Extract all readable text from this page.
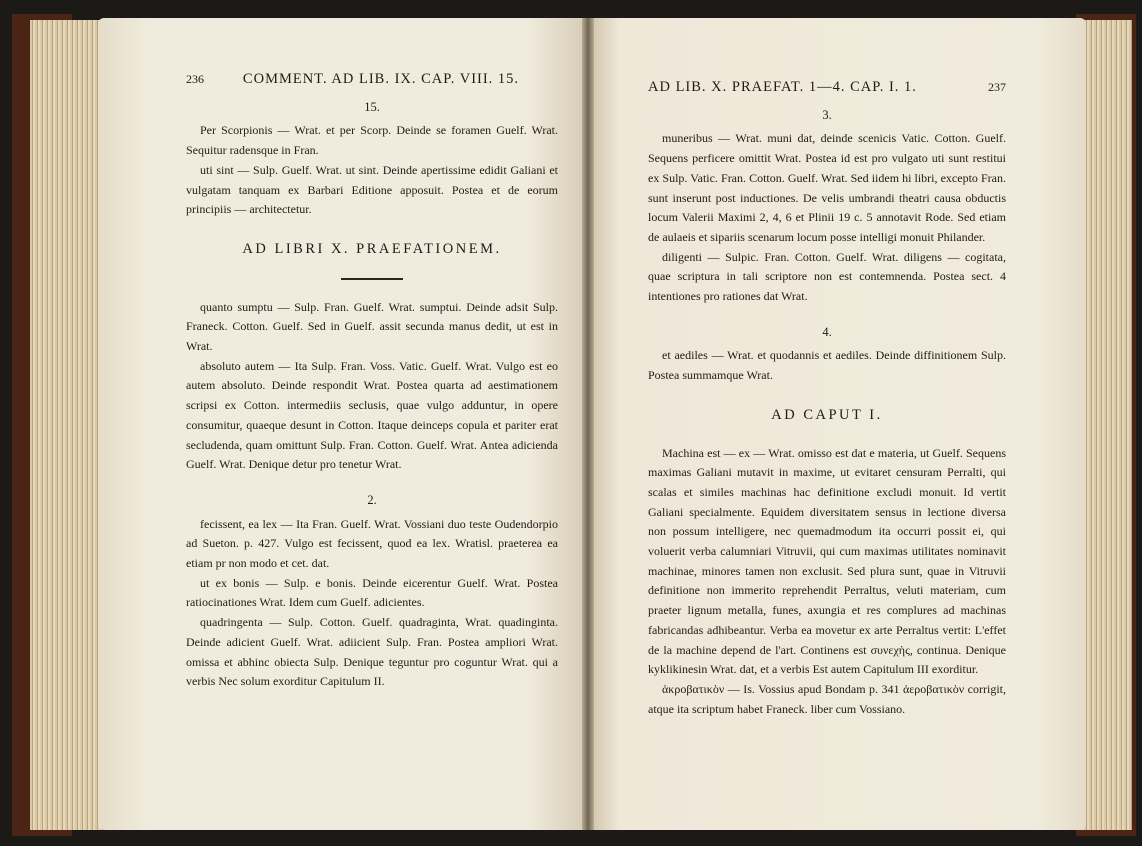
236	COMMENT. AD LIB. IX. CAP. VIII. 15.
15.

Per Scorpionis — Wrat. et per Scorp. Deinde se foramen Guelf. Wrat. Sequitur radensque in Fran.

uti sint — Sulp. Guelf. Wrat. ut sint. Deinde apertissime edidit Galiani et vulgatam tanquam ex Barbari Editione apposuit. Postea et de eorum principiis — architectetur.

AD LIBRI X. PRAEFATIONEM.

quanto sumptu — Sulp. Fran. Guelf. Wrat. sumptui. Deinde adsit Sulp. Franeck. Cotton. Guelf. Sed in Guelf. assit secunda manus dedit, ut est in Wrat.

absoluto autem — Ita Sulp. Fran. Voss. Vatic. Guelf. Wrat. Vulgo est eo autem absoluto. Deinde respondit Wrat. Postea quarta ad aestimationem scripsi ex Cotton. intermediis seclusis, quae vulgo adduntur, in opere consumitur, quaeque desunt in Cotton. Itaque deinceps copula et pariter erat secludenda, quam omittunt Sulp. Fran. Cotton. Guelf. Wrat. Antea adicienda Guelf. Wrat. Denique detur pro tenetur Wrat.

2.

fecissent, ea lex — Ita Fran. Guelf. Wrat. Vossiani duo teste Oudendorpio ad Sueton. p. 427. Vulgo est fecissent, quod ea lex. Wratisl. praeterea ea etiam pr non modo et cet. dat.

ut ex bonis — Sulp. e bonis. Deinde eicerentur Guelf. Wrat. Postea ratiocinationes Wrat. Idem cum Guelf. adicientes.

quadringenta — Sulp. Cotton. Guelf. quadraginta, Wrat. quadinginta. Deinde adicient Guelf. Wrat. adiicient Sulp. Fran. Postea ampliori Wrat. omissa et abhinc obiecta Sulp. Denique teguntur pro coguntur Wrat. qui a verbis Nec solum exorditur Capitulum II.

AD LIB. X. PRAEFAT. 1—4. CAP. I. 1.	237
3.

muneribus — Wrat. muni dat, deinde scenicis Vatic. Cotton. Guelf. Sequens perficere omittit Wrat. Postea id est pro vulgato uti sunt restitui ex Sulp. Vatic. Fran. Cotton. Guelf. Wrat. Sed iidem hi libri, excepto Fran. sunt inserunt post inductiones. De velis umbrandi theatri causa obductis locum Valerii Maximi 2, 4, 6 et Plinii 19 c. 5 annotavit Rode. Sed etiam de aulaeis et sipariis scenarum locum posse intelligi monuit Philander.

diligenti — Sulpic. Fran. Cotton. Guelf. Wrat. diligens — cogitata, quae scriptura in tali scriptore non est contemnenda. Postea sect. 4 intentiones pro rationes dat Wrat.

4.

et aediles — Wrat. et quodannis et aediles. Deinde diffinitionem Sulp. Postea summamque Wrat.

AD CAPUT I.

Machina est — ex — Wrat. omisso est dat e materia, ut Guelf. Sequens maximas Galiani mutavit in maxime, ut evitaret censuram Perralti, qui scalas et similes machinas hac definitione excludi monuit. Id vertit Galiani specialmente. Equidem diversitatem sensus in lectione diversa non possum intelligere, nec quemadmodum ita occurri possit ei, qui voluerit verba calumniari Vitruvii, qui cum maximas utilitates nominavit machinae, minores tamen non exclusit. Sed plura sunt, quae in Vitruvii definitione non immerito reprehendit Perraltus, veluti materiam, cum praeter lignum metalla, funes, axungia et res complures ad machinas fabricandas adhibeantur. Verba ea movetur ex arte Perraltus vertit: L'effet de la machine depend de l'art. Continens est συνεχὴς, continua. Denique kyklikinesin Wrat. dat, et a verbis Est autem Capitulum III exorditur.

ἀκροβατικὸν — Is. Vossius apud Bondam p. 341 ἀεροβατικὸν corrigit, atque ita scriptum habet Franeck. liber cum Vossiano.
